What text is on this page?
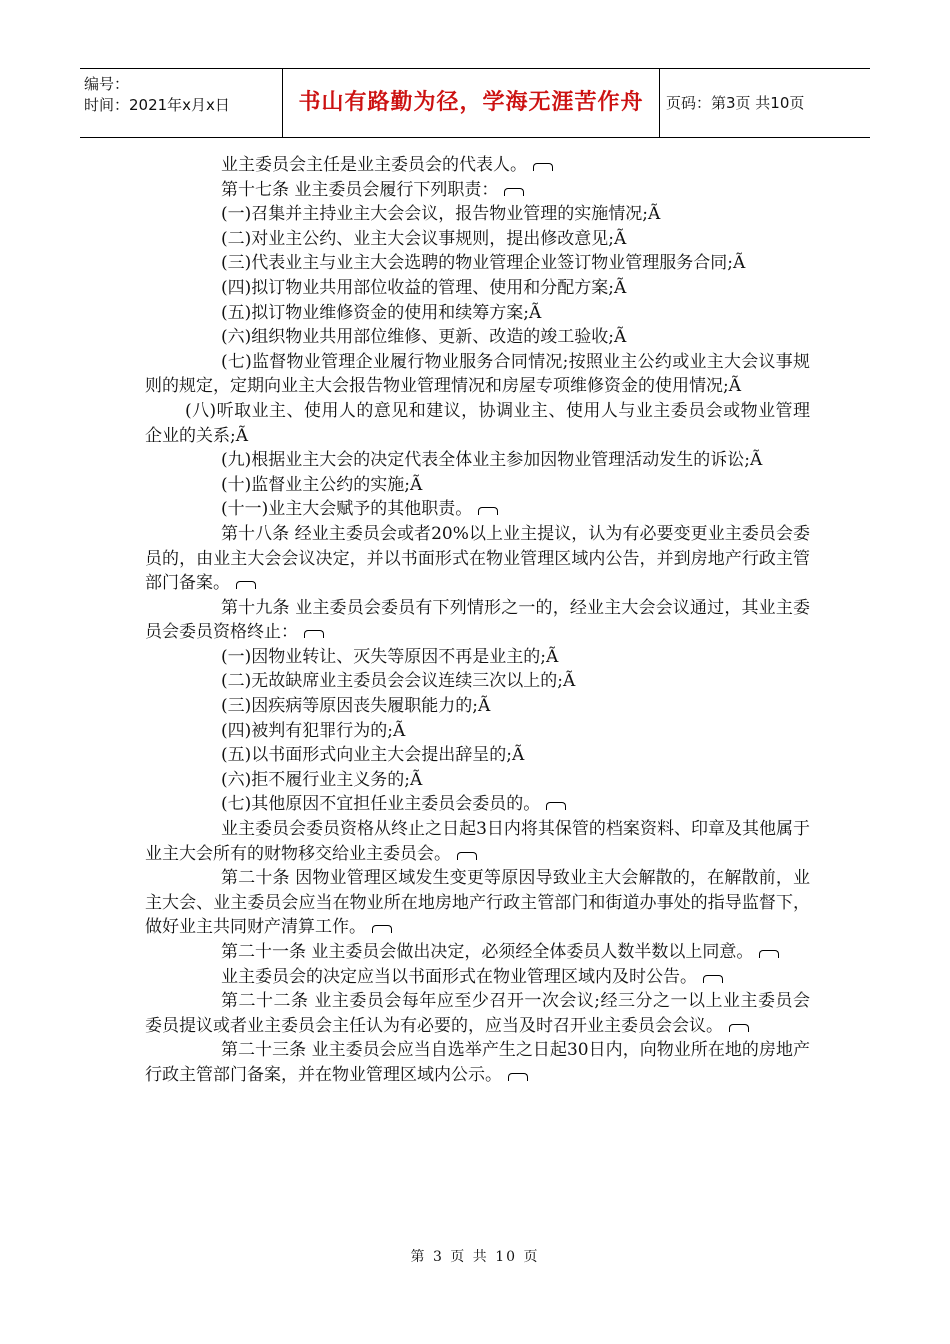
编号：
时间：2021年x月x日	书山有路勤为径，学海无涯苦作舟	页码：第3页 共10页

业主委员会主任是业主委员会的代表人。

第十七条 业主委员会履行下列职责：

(一)召集并主持业主大会会议，报告物业管理的实施情况;Ã

(二)对业主公约、业主大会议事规则，提出修改意见;Ã

(三)代表业主与业主大会选聘的物业管理企业签订物业管理服务合同;Ã

(四)拟订物业共用部位收益的管理、使用和分配方案;Ã

(五)拟订物业维修资金的使用和续筹方案;Ã

(六)组织物业共用部位维修、更新、改造的竣工验收;Ã

(七)监督物业管理企业履行物业服务合同情况;按照业主公约或业主大会议事规则的规定，定期向业主大会报告物业管理情况和房屋专项维修资金的使用情况;Ã

(八)听取业主、使用人的意见和建议，协调业主、使用人与业主委员会或物业管理企业的关系;Ã

(九)根据业主大会的决定代表全体业主参加因物业管理活动发生的诉讼;Ã

(十)监督业主公约的实施;Ã

(十一)业主大会赋予的其他职责。

第十八条 经业主委员会或者20%以上业主提议，认为有必要变更业主委员会委员的，由业主大会会议决定，并以书面形式在物业管理区域内公告，并到房地产行政主管部门备案。

第十九条 业主委员会委员有下列情形之一的，经业主大会会议通过，其业主委员会委员资格终止：

(一)因物业转让、灭失等原因不再是业主的;Ã

(二)无故缺席业主委员会会议连续三次以上的;Ã

(三)因疾病等原因丧失履职能力的;Ã

(四)被判有犯罪行为的;Ã

(五)以书面形式向业主大会提出辞呈的;Ã

(六)拒不履行业主义务的;Ã

(七)其他原因不宜担任业主委员会委员的。

业主委员会委员资格从终止之日起3日内将其保管的档案资料、印章及其他属于业主大会所有的财物移交给业主委员会。

第二十条 因物业管理区域发生变更等原因导致业主大会解散的，在解散前，业主大会、业主委员会应当在物业所在地房地产行政主管部门和街道办事处的指导监督下，做好业主共同财产清算工作。

第二十一条 业主委员会做出决定，必须经全体委员人数半数以上同意。

业主委员会的决定应当以书面形式在物业管理区域内及时公告。

第二十二条 业主委员会每年应至少召开一次会议;经三分之一以上业主委员会委员提议或者业主委员会主任认为有必要的，应当及时召开业主委员会会议。

第二十三条 业主委员会应当自选举产生之日起30日内，向物业所在地的房地产行政主管部门备案，并在物业管理区域内公示。

第 3 页 共 10 页
